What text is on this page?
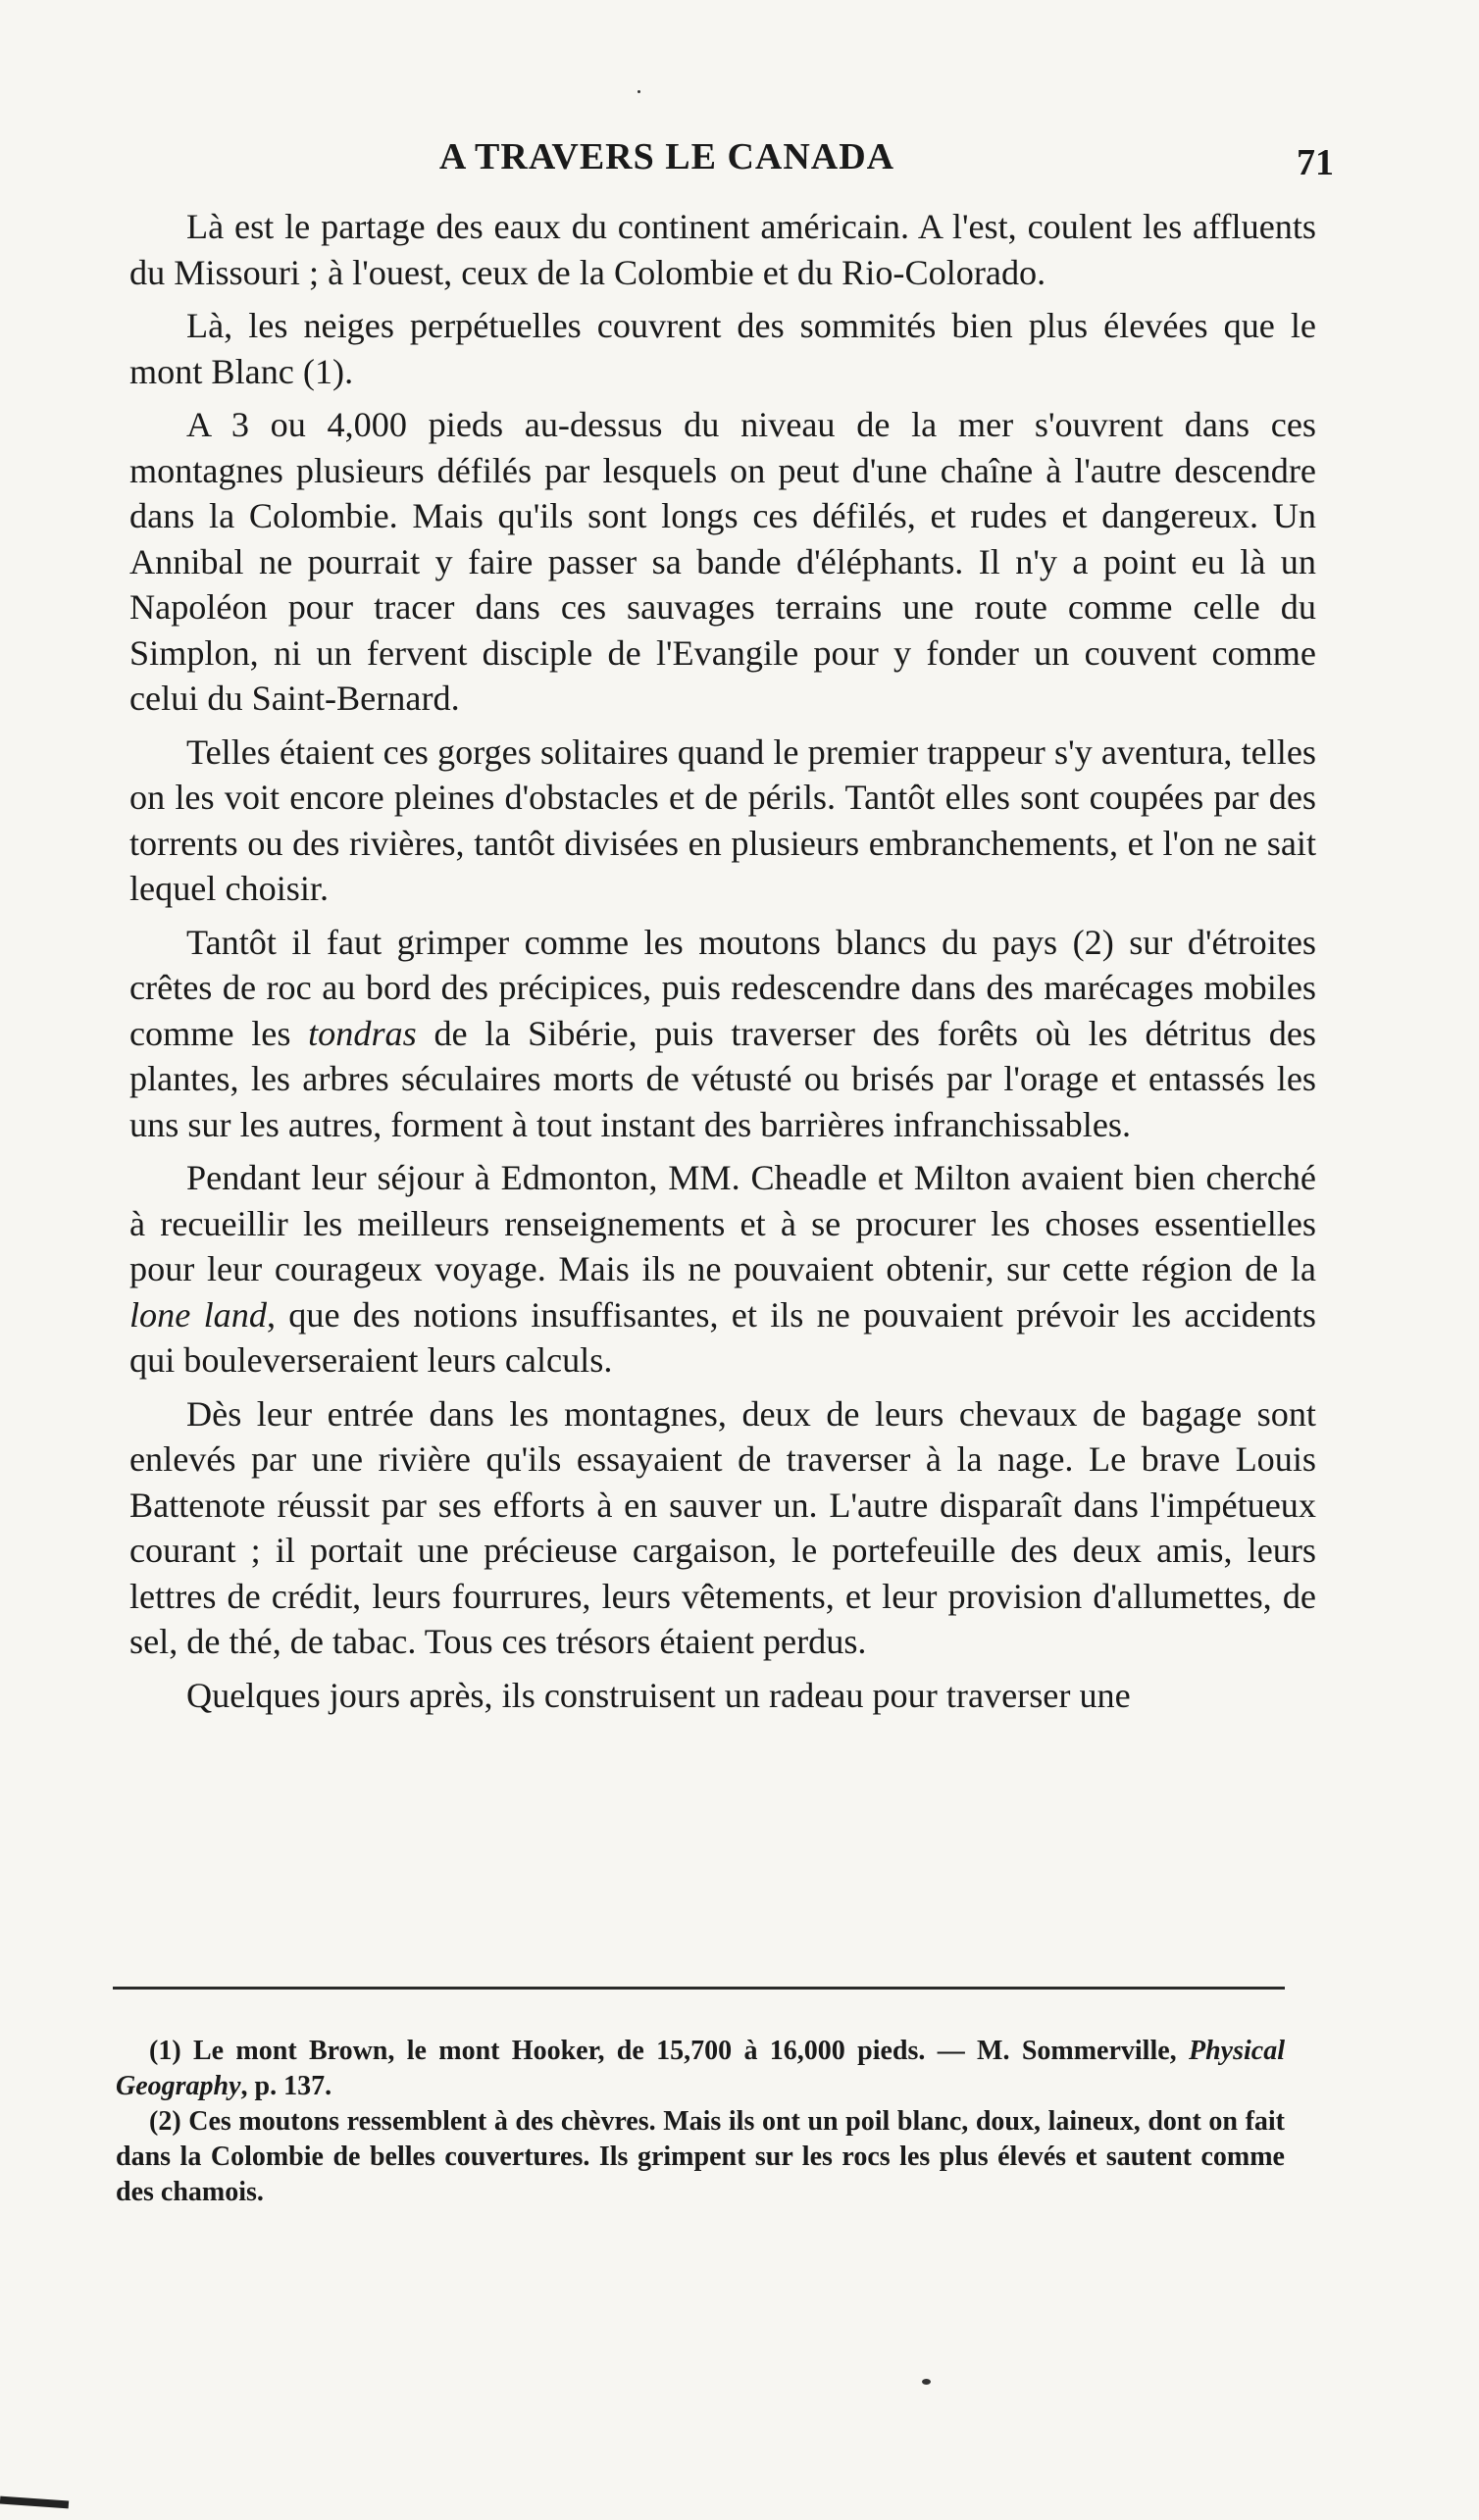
A TRAVERS LE CANADA	71

Là est le partage des eaux du continent américain. A l'est, coulent les affluents du Missouri ; à l'ouest, ceux de la Colombie et du Rio-Colorado.

Là, les neiges perpétuelles couvrent des sommités bien plus élevées que le mont Blanc (1).

A 3 ou 4,000 pieds au-dessus du niveau de la mer s'ouvrent dans ces montagnes plusieurs défilés par lesquels on peut d'une chaîne à l'autre descendre dans la Colombie. Mais qu'ils sont longs ces défilés, et rudes et dangereux. Un Annibal ne pourrait y faire passer sa bande d'éléphants. Il n'y a point eu là un Napoléon pour tracer dans ces sauvages terrains une route comme celle du Simplon, ni un fervent disciple de l'Evangile pour y fonder un couvent comme celui du Saint-Bernard.

Telles étaient ces gorges solitaires quand le premier trappeur s'y aventura, telles on les voit encore pleines d'obstacles et de périls. Tantôt elles sont coupées par des torrents ou des rivières, tantôt divisées en plusieurs embranchements, et l'on ne sait lequel choisir.

Tantôt il faut grimper comme les moutons blancs du pays (2) sur d'étroites crêtes de roc au bord des précipices, puis redescendre dans des marécages mobiles comme les tondras de la Sibérie, puis traverser des forêts où les détritus des plantes, les arbres séculaires morts de vétusté ou brisés par l'orage et entassés les uns sur les autres, forment à tout instant des barrières infranchissables.

Pendant leur séjour à Edmonton, MM. Cheadle et Milton avaient bien cherché à recueillir les meilleurs renseignements et à se procurer les choses essentielles pour leur courageux voyage. Mais ils ne pouvaient obtenir, sur cette région de la lone land, que des notions insuffisantes, et ils ne pouvaient prévoir les accidents qui bouleverseraient leurs calculs.

Dès leur entrée dans les montagnes, deux de leurs chevaux de bagage sont enlevés par une rivière qu'ils essayaient de traverser à la nage. Le brave Louis Battenote réussit par ses efforts à en sauver un. L'autre disparaît dans l'impétueux courant ; il portait une précieuse cargaison, le portefeuille des deux amis, leurs lettres de crédit, leurs fourrures, leurs vêtements, et leur provision d'allumettes, de sel, de thé, de tabac. Tous ces trésors étaient perdus.

Quelques jours après, ils construisent un radeau pour traverser une

(1) Le mont Brown, le mont Hooker, de 15,700 à 16,000 pieds. — M. Sommerville, Physical Geography, p. 137.

(2) Ces moutons ressemblent à des chèvres. Mais ils ont un poil blanc, doux, laineux, dont on fait dans la Colombie de belles couvertures. Ils grimpent sur les rocs les plus élevés et sautent comme des chamois.
